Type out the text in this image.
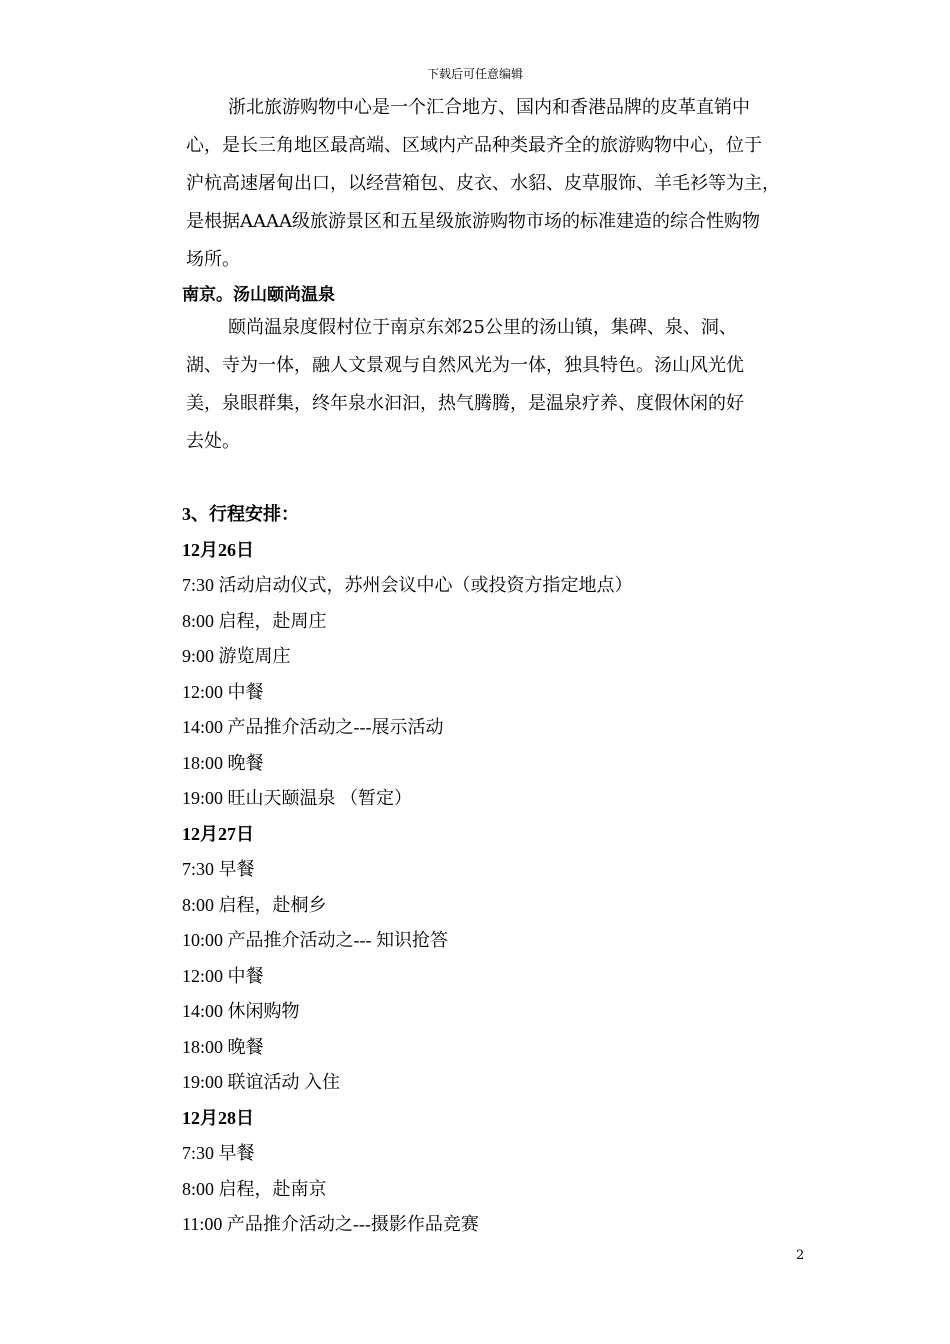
下载后可任意编辑
浙北旅游购物中心是一个汇合地方、国内和香港品牌的皮革直销中
心，是长三角地区最高端、区域内产品种类最齐全的旅游购物中心，位于
沪杭高速屠甸出口，以经营箱包、皮衣、水貂、皮草服饰、羊毛衫等为主，
是根据AAAA级旅游景区和五星级旅游购物市场的标准建造的综合性购物
场所。
南京。汤山颐尚温泉
颐尚温泉度假村位于南京东郊25公里的汤山镇，集碑、泉、洞、
湖、寺为一体，融人文景观与自然风光为一体，独具特色。汤山风光优
美，泉眼群集，终年泉水汩汩，热气腾腾，是温泉疗养、度假休闲的好
去处。
3、行程安排：
12月26日
7:30 活动启动仪式，苏州会议中心（或投资方指定地点）
8:00 启程，赴周庄
9:00 游览周庄
12:00 中餐
14:00 产品推介活动之---展示活动
18:00 晚餐
19:00 旺山天颐温泉 （暂定）
12月27日
7:30 早餐
8:00 启程，赴桐乡
10:00 产品推介活动之--- 知识抢答
12:00 中餐
14:00 休闲购物
18:00 晚餐
19:00 联谊活动 入住
12月28日
7:30 早餐
8:00 启程，赴南京
11:00 产品推介活动之---摄影作品竞赛
2
